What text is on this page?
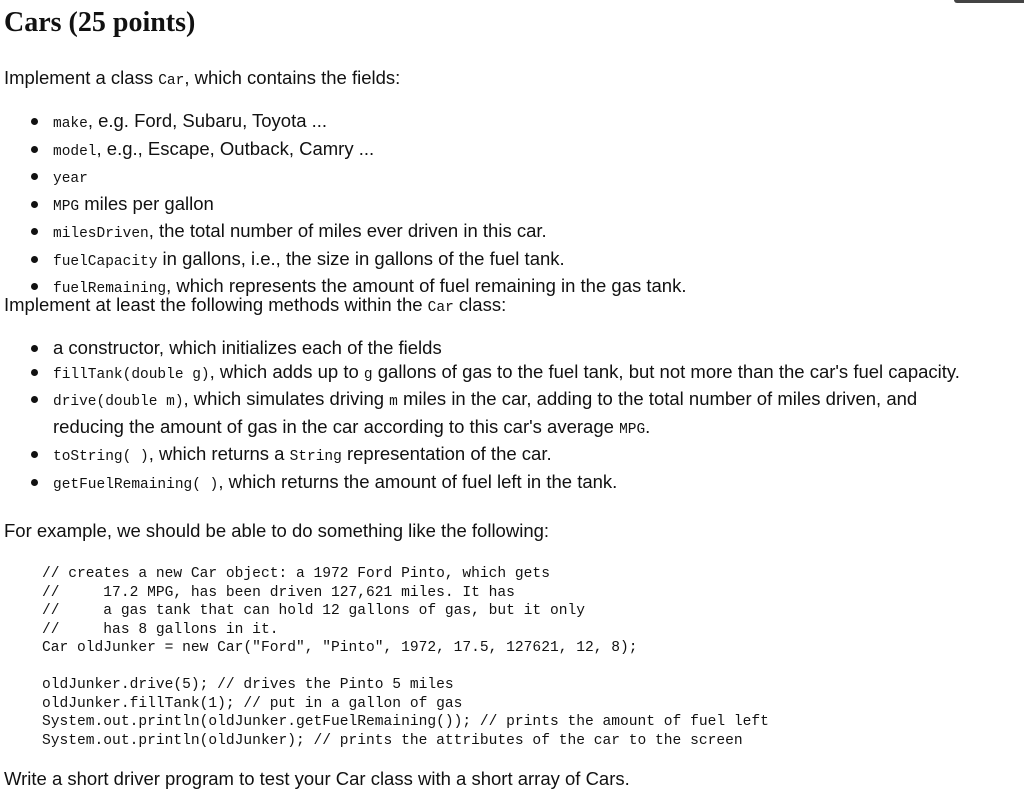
Cars (25 points)

Implement a class Car, which contains the fields:

make, e.g. Ford, Subaru, Toyota ...
model, e.g., Escape, Outback, Camry ...
year
MPG miles per gallon
milesDriven, the total number of miles ever driven in this car.
fuelCapacity in gallons, i.e., the size in gallons of the fuel tank.
fuelRemaining, which represents the amount of fuel remaining in the gas tank.

Implement at least the following methods within the Car class:

a constructor, which initializes each of the fields
fillTank(double g), which adds up to g gallons of gas to the fuel tank, but not more than the car's fuel capacity.
drive(double m), which simulates driving m miles in the car, adding to the total number of miles driven, and reducing the amount of gas in the car according to this car's average MPG.
toString( ), which returns a String representation of the car.
getFuelRemaining( ), which returns the amount of fuel left in the tank.

For example, we should be able to do something like the following:

// creates a new Car object: a 1972 Ford Pinto, which gets
//     17.2 MPG, has been driven 127,621 miles. It has
//     a gas tank that can hold 12 gallons of gas, but it only
//     has 8 gallons in it.
Car oldJunker = new Car("Ford", "Pinto", 1972, 17.5, 127621, 12, 8);

oldJunker.drive(5); // drives the Pinto 5 miles
oldJunker.fillTank(1); // put in a gallon of gas
System.out.println(oldJunker.getFuelRemaining()); // prints the amount of fuel left
System.out.println(oldJunker); // prints the attributes of the car to the screen

Write a short driver program to test your Car class with a short array of Cars.
